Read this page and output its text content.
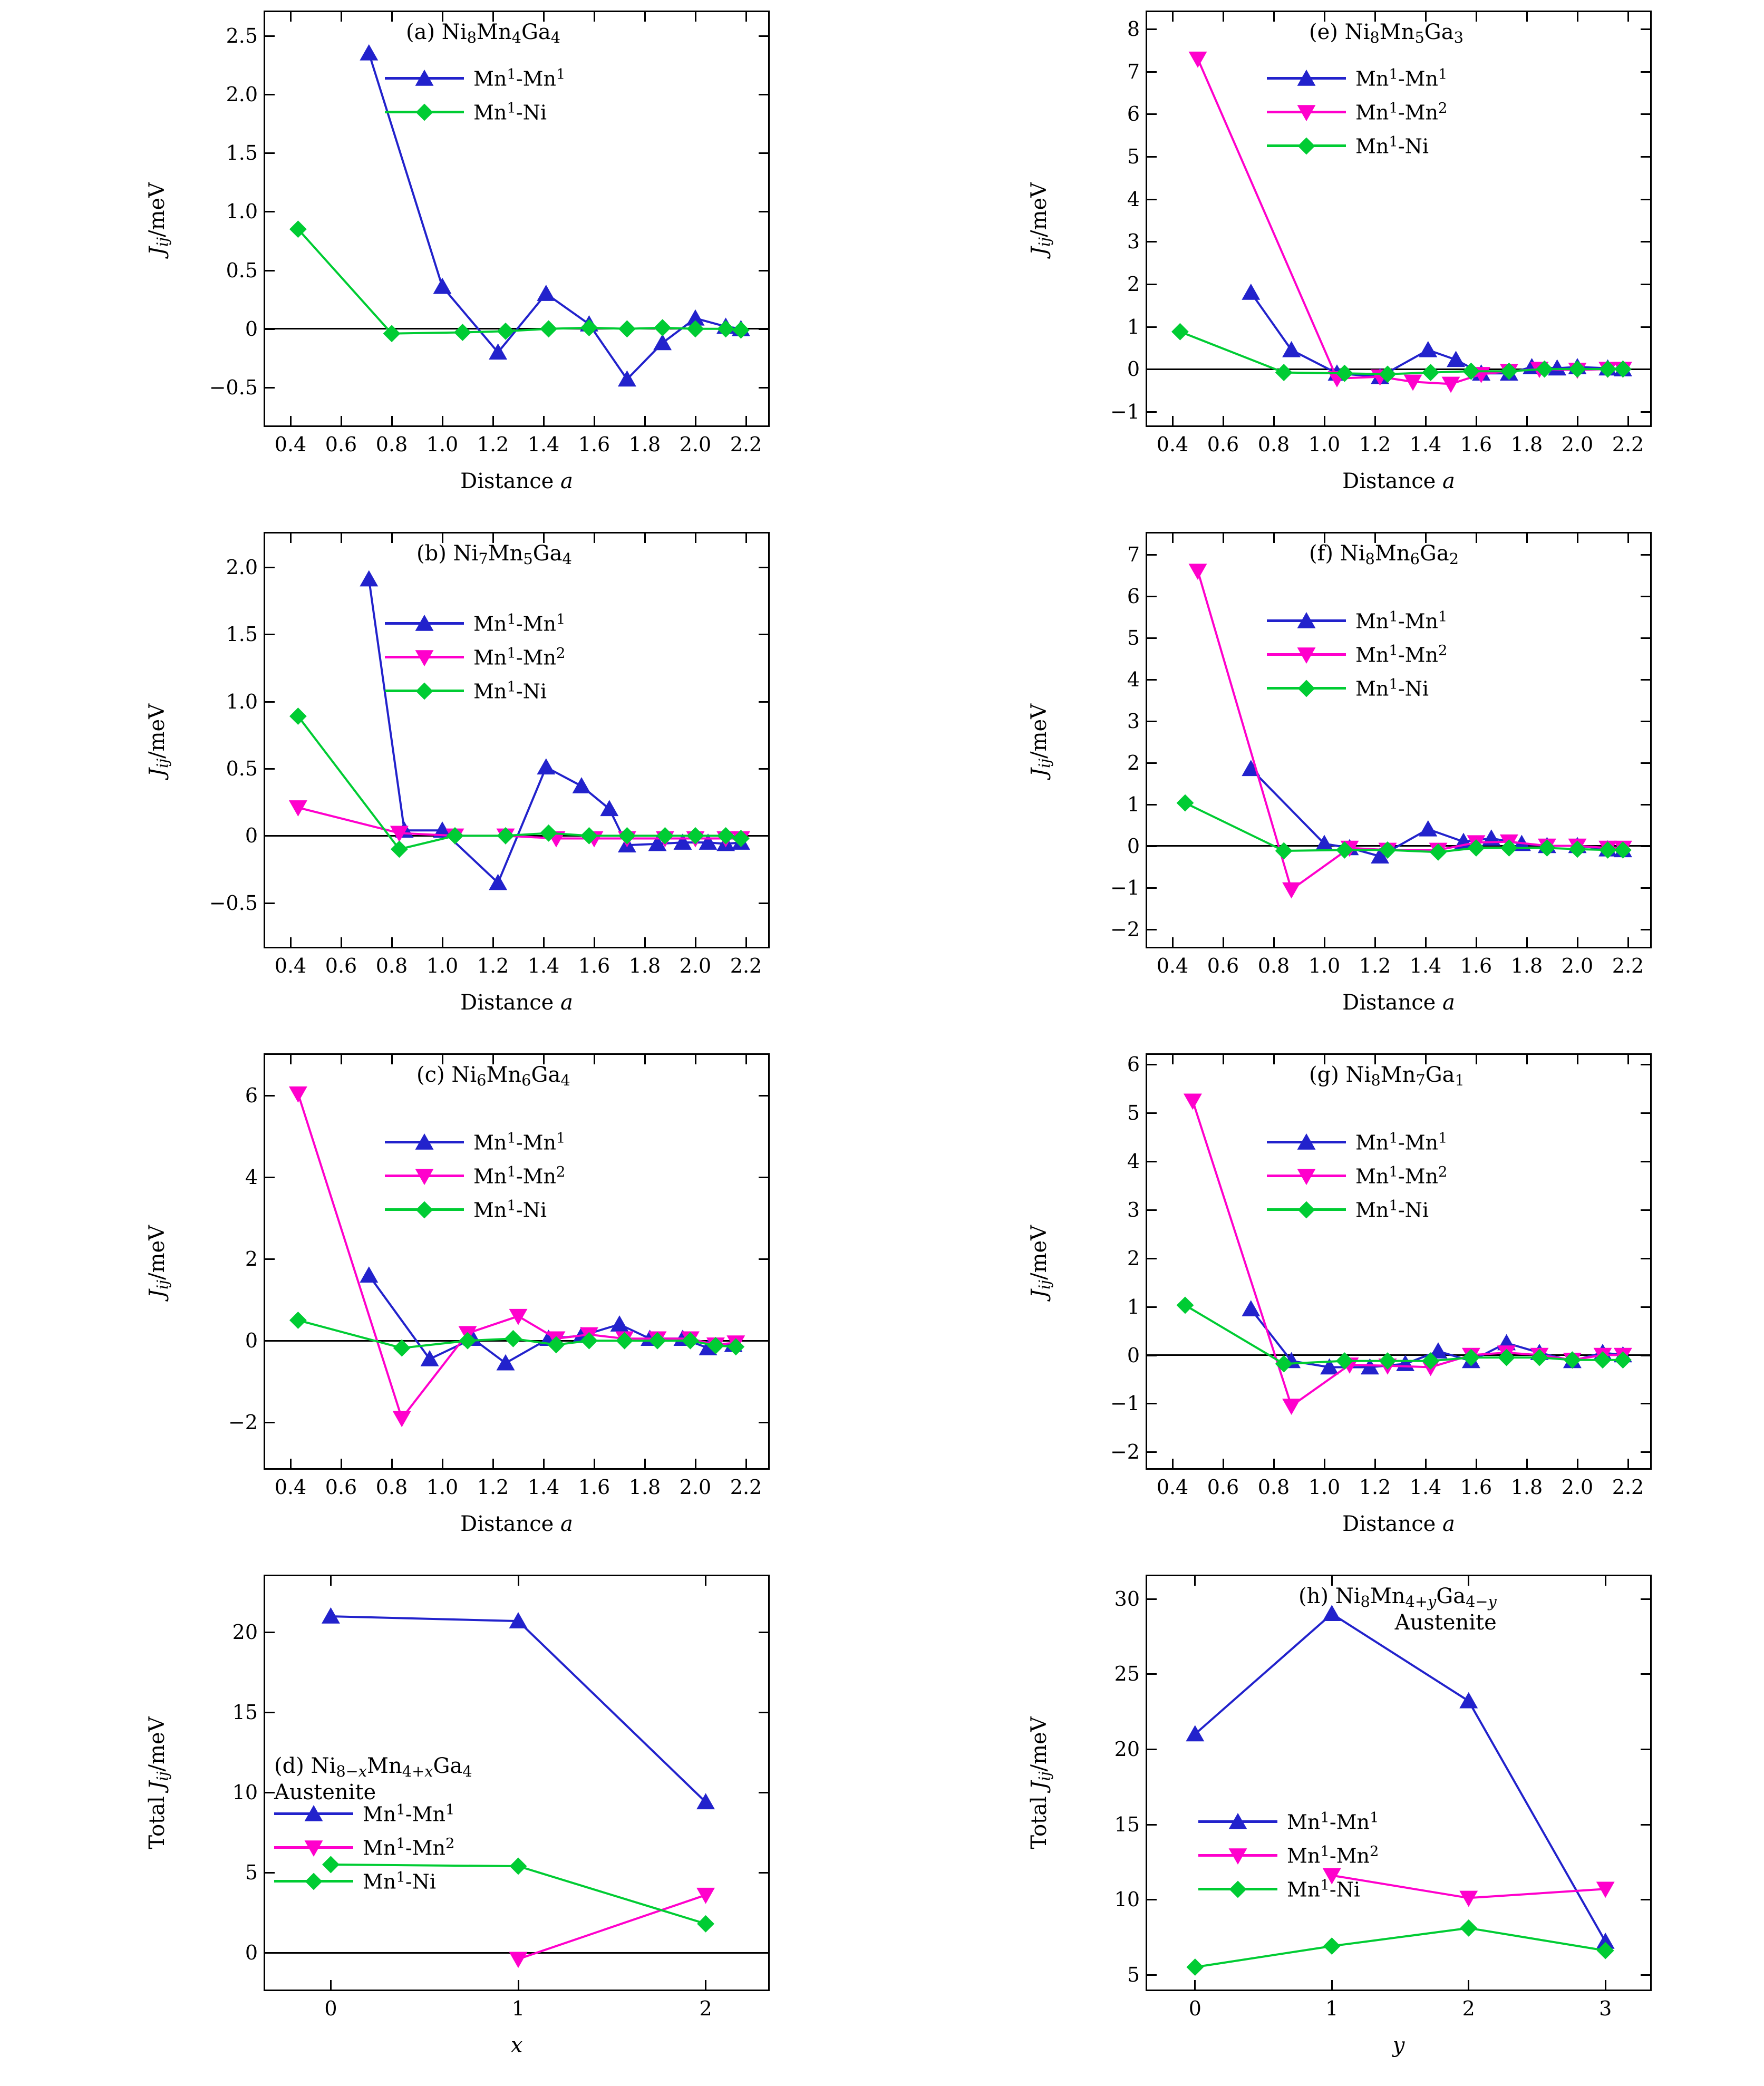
0.4 0.6 0.8 1.0 1.2 1.4 1.6 1.8 2.0 2.2
−0.5
0
0.5
1.0
1.5
2.0
2.5
$J_{ij}$/meV
Distance a
(a) $Ni_8Mn_4Ga_4$
Mn$^1$-Mn$^1$
Mn$^1$-Ni
0.4 0.6 0.8 1.0 1.2 1.4 1.6 1.8 2.0 2.2
−1
0
1
2
3
4
5
6
7
8
$J_{ij}$/meV
Distance a
(e) $Ni_8Mn_5Ga_3$
Mn$^1$-Mn$^1$
Mn$^1$-Mn$^2$
Mn$^1$-Ni
0.4 0.6 0.8 1.0 1.2 1.4 1.6 1.8 2.0 2.2
−0.5
0
0.5
1.0
1.5
2.0
$J_{ij}$/meV
Distance a
(b) $Ni_7Mn_5Ga_4$
Mn$^1$-Mn$^1$
Mn$^1$-Mn$^2$
Mn$^1$-Ni
0.4 0.6 0.8 1.0 1.2 1.4 1.6 1.8 2.0 2.2
−2
−1
0
1
2
3
4
5
6
7
$J_{ij}$/meV
Distance a
(f) $Ni_8Mn_6Ga_2$
Mn$^1$-Mn$^1$
Mn$^1$-Mn$^2$
Mn$^1$-Ni
0.4 0.6 0.8 1.0 1.2 1.4 1.6 1.8 2.0 2.2
−2
0
2
4
6
$J_{ij}$/meV
Distance a
(c) $Ni_6Mn_6Ga_4$
Mn$^1$-Mn$^1$
Mn$^1$-Mn$^2$
Mn$^1$-Ni
0.4 0.6 0.8 1.0 1.2 1.4 1.6 1.8 2.0 2.2
−2
−1
0
1
2
3
4
5
6
$J_{ij}$/meV
Distance a
(g) $Ni_8Mn_7Ga_1$
Mn$^1$-Mn$^1$
Mn$^1$-Mn$^2$
Mn$^1$-Ni
0	1	2
0
5
10
15
20
Total $J_{ij}$/meV
x
(d) $Ni_{8-x}Mn_{4+x}Ga_4$

Austenite
Mn$^1$-Mn$^1$
Mn$^1$-Mn$^2$
Mn$^1$-Ni
0	1	2	3
5
10
15
20
25
30
Total $J_{ij}$/meV
y
(h) $Ni_8Mn_{4+y}Ga_{4-y}$

Austenite
Mn$^1$-Mn$^1$
Mn$^1$-Mn$^2$
Mn$^1$-Ni
